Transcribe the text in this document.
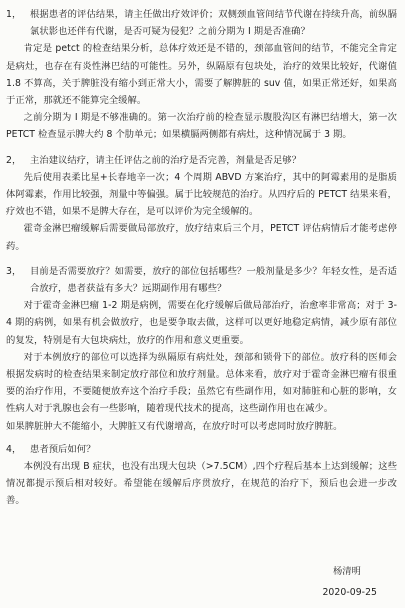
1， 根据患者的评估结果，请主任做出疗效评价；双侧颈血管间结节代谢在持续升高，前纵膈氯状影也还伴有代谢，是否可疑为侵犯？之前分期为 I 期是否准确？

肯定是 petct 的检查结果分析，总体疗效还是不错的，颈部血管间的结节，不能完全肯定是病灶，也存在有炎性淋巴结的可能性。另外，纵隔原有包块处，治疗的效果比较好，代谢值 1.8 不算高，关于脾脏没有缩小到正常大小，需要了解脾脏的 suv 值，如果正常还好，如果高于正常，那就还不能算完全缓解。

之前分期为 I 期是不够准确的。第一次治疗前的检查显示腹股沟区有淋巴结增大，第一次 PETCT 检查显示脾大约 8 个肋单元；如果横膈两侧都有病灶，这种情况属于 3 期。

2， 主治建议结疗，请主任评估之前的治疗是否完善，剂量是否足够？

先后使用表柔比星+长春地辛一次；4 个周期 ABVD 方案治疗，其中的阿霉素用的是脂质体阿霉素，作用比较强，剂量中等偏强。属于比较规范的治疗。从四疗后的 PETCT 结果来看，疗效也不错，如果不是脾大存在，是可以评价为完全缓解的。

霍奇金淋巴瘤缓解后需要做局部放疗，放疗结束后三个月，PETCT 评估病情后才能考虑停药。

3， 目前是否需要放疗？如需要，放疗的部位包括哪些？一般剂量是多少？年轻女性，是否适合放疗，患者获益有多大？远期副作用有哪些？

对于霍奇金淋巴瘤 1-2 期是病例，需要在化疗缓解后做局部治疗，治愈率非常高；对于 3-4 期的病例，如果有机会做放疗，也是要争取去做，这样可以更好地稳定病情，减少原有部位的复发，特别是有大包块病灶，放疗的作用和意义更重要。

对于本例放疗的部位可以选择为纵隔原有病灶处，颈部和锁骨下的部位。放疗科的医师会根据发病时的检查结果来制定放疗部位和放疗剂量。总体来看，放疗对于霍奇金淋巴瘤有很重要的治疗作用，不要随便放弃这个治疗手段；虽然它有些副作用，如对肺脏和心脏的影响，女性病人对于乳腺也会有一些影响，随着现代技术的提高，这些副作用也在减少。

如果脾脏肿大不能缩小，大脾脏又有代谢增高，在放疗时可以考虑同时放疗脾脏。

4， 患者预后如何？

本例没有出现 B 症状，也没有出现大包块（>7.5CM）,四个疗程后基本上达到缓解；这些情况都提示预后相对较好。希望能在缓解后序贯放疗，在规范的治疗下，预后也会进一步改善。

杨清明
2020-09-25
